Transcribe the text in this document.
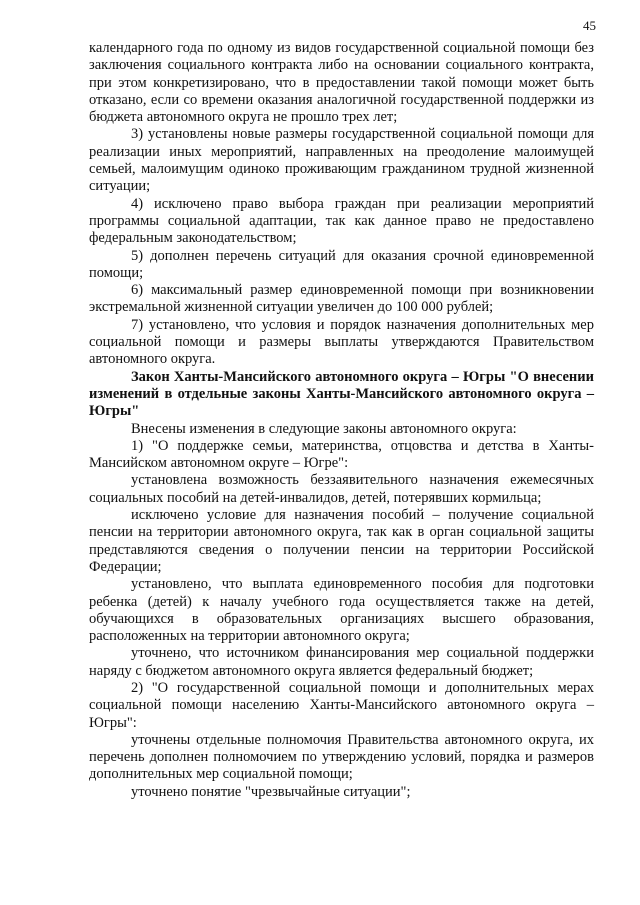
45

календарного года по одному из видов государственной социальной помощи без заключения социального контракта либо на основании социального контракта, при этом конкретизировано, что в предоставлении такой помощи может быть отказано, если со времени оказания аналогичной государственной поддержки из бюджета автономного округа не прошло трех лет;

3) установлены новые размеры государственной социальной помощи для реализации иных мероприятий, направленных на преодоление малоимущей семьей, малоимущим одиноко проживающим гражданином трудной жизненной ситуации;

4) исключено право выбора граждан при реализации мероприятий программы социальной адаптации, так как данное право не предоставлено федеральным законодательством;

5) дополнен перечень ситуаций для оказания срочной единовременной помощи;

6) максимальный размер единовременной помощи при возникновении экстремальной жизненной ситуации увеличен до 100 000 рублей;

7) установлено, что условия и порядок назначения дополнительных мер социальной помощи и размеры выплаты утверждаются Правительством автономного округа.

Закон Ханты-Мансийского автономного округа – Югры "О внесении изменений в отдельные законы Ханты-Мансийского автономного округа – Югры"

Внесены изменения в следующие законы автономного округа:

1) "О поддержке семьи, материнства, отцовства и детства в Ханты-Мансийском автономном округе – Югре":

установлена возможность беззаявительного назначения ежемесячных социальных пособий на детей-инвалидов, детей, потерявших кормильца;

исключено условие для назначения пособий – получение социальной пенсии на территории автономного округа, так как в орган социальной защиты представляются сведения о получении пенсии на территории Российской Федерации;

установлено, что выплата единовременного пособия для подготовки ребенка (детей) к началу учебного года осуществляется также на детей, обучающихся в образовательных организациях высшего образования, расположенных на территории автономного округа;

уточнено, что источником финансирования мер социальной поддержки наряду с бюджетом автономного округа является федеральный бюджет;

2) "О государственной социальной помощи и дополнительных мерах социальной помощи населению Ханты-Мансийского автономного округа – Югры":

уточнены отдельные полномочия Правительства автономного округа, их перечень дополнен полномочием по утверждению условий, порядка и размеров дополнительных мер социальной помощи;

уточнено понятие "чрезвычайные ситуации";
